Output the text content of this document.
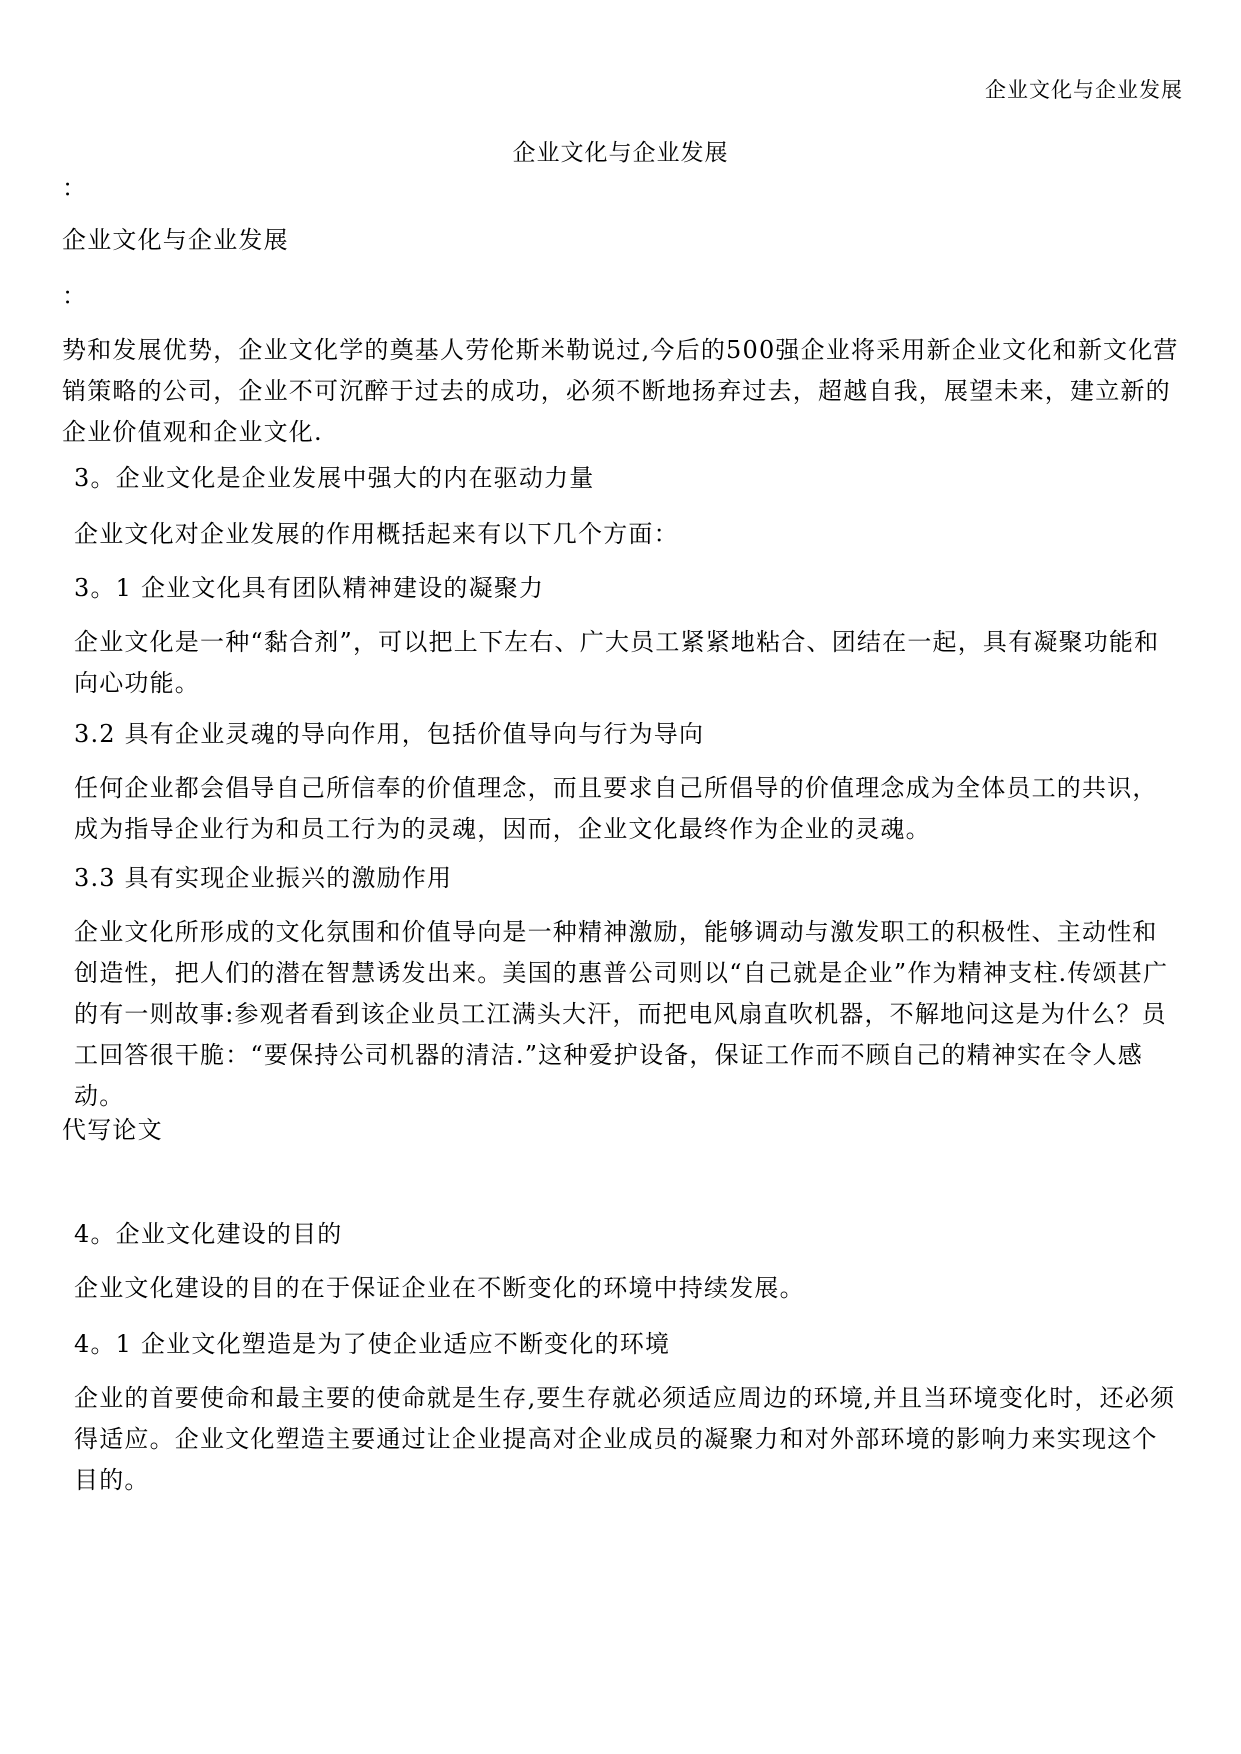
企业文化与企业发展
企业文化与企业发展

：

企业文化与企业发展

：

势和发展优势，企业文化学的奠基人劳伦斯米勒说过,今后的500强企业将采用新企业文化和新文化营销策略的公司，企业不可沉醉于过去的成功，必须不断地扬弃过去，超越自我，展望未来，建立新的企业价值观和企业文化.

3。企业文化是企业发展中强大的内在驱动力量

企业文化对企业发展的作用概括起来有以下几个方面：

3。1 企业文化具有团队精神建设的凝聚力

企业文化是一种“黏合剂”，可以把上下左右、广大员工紧紧地粘合、团结在一起，具有凝聚功能和向心功能。

3.2 具有企业灵魂的导向作用，包括价值导向与行为导向

任何企业都会倡导自己所信奉的价值理念，而且要求自己所倡导的价值理念成为全体员工的共识，成为指导企业行为和员工行为的灵魂，因而，企业文化最终作为企业的灵魂。

3.3 具有实现企业振兴的激励作用

企业文化所形成的文化氛围和价值导向是一种精神激励，能够调动与激发职工的积极性、主动性和创造性，把人们的潜在智慧诱发出来。美国的惠普公司则以“自己就是企业”作为精神支柱.传颂甚广的有一则故事:参观者看到该企业员工江满头大汗，而把电风扇直吹机器，不解地问这是为什么？员工回答很干脆：“要保持公司机器的清洁.”这种爱护设备，保证工作而不顾自己的精神实在令人感动。

代写论文

4。企业文化建设的目的

企业文化建设的目的在于保证企业在不断变化的环境中持续发展。

4。1 企业文化塑造是为了使企业适应不断变化的环境

企业的首要使命和最主要的使命就是生存,要生存就必须适应周边的环境,并且当环境变化时，还必须得适应。企业文化塑造主要通过让企业提高对企业成员的凝聚力和对外部环境的影响力来实现这个目的。
